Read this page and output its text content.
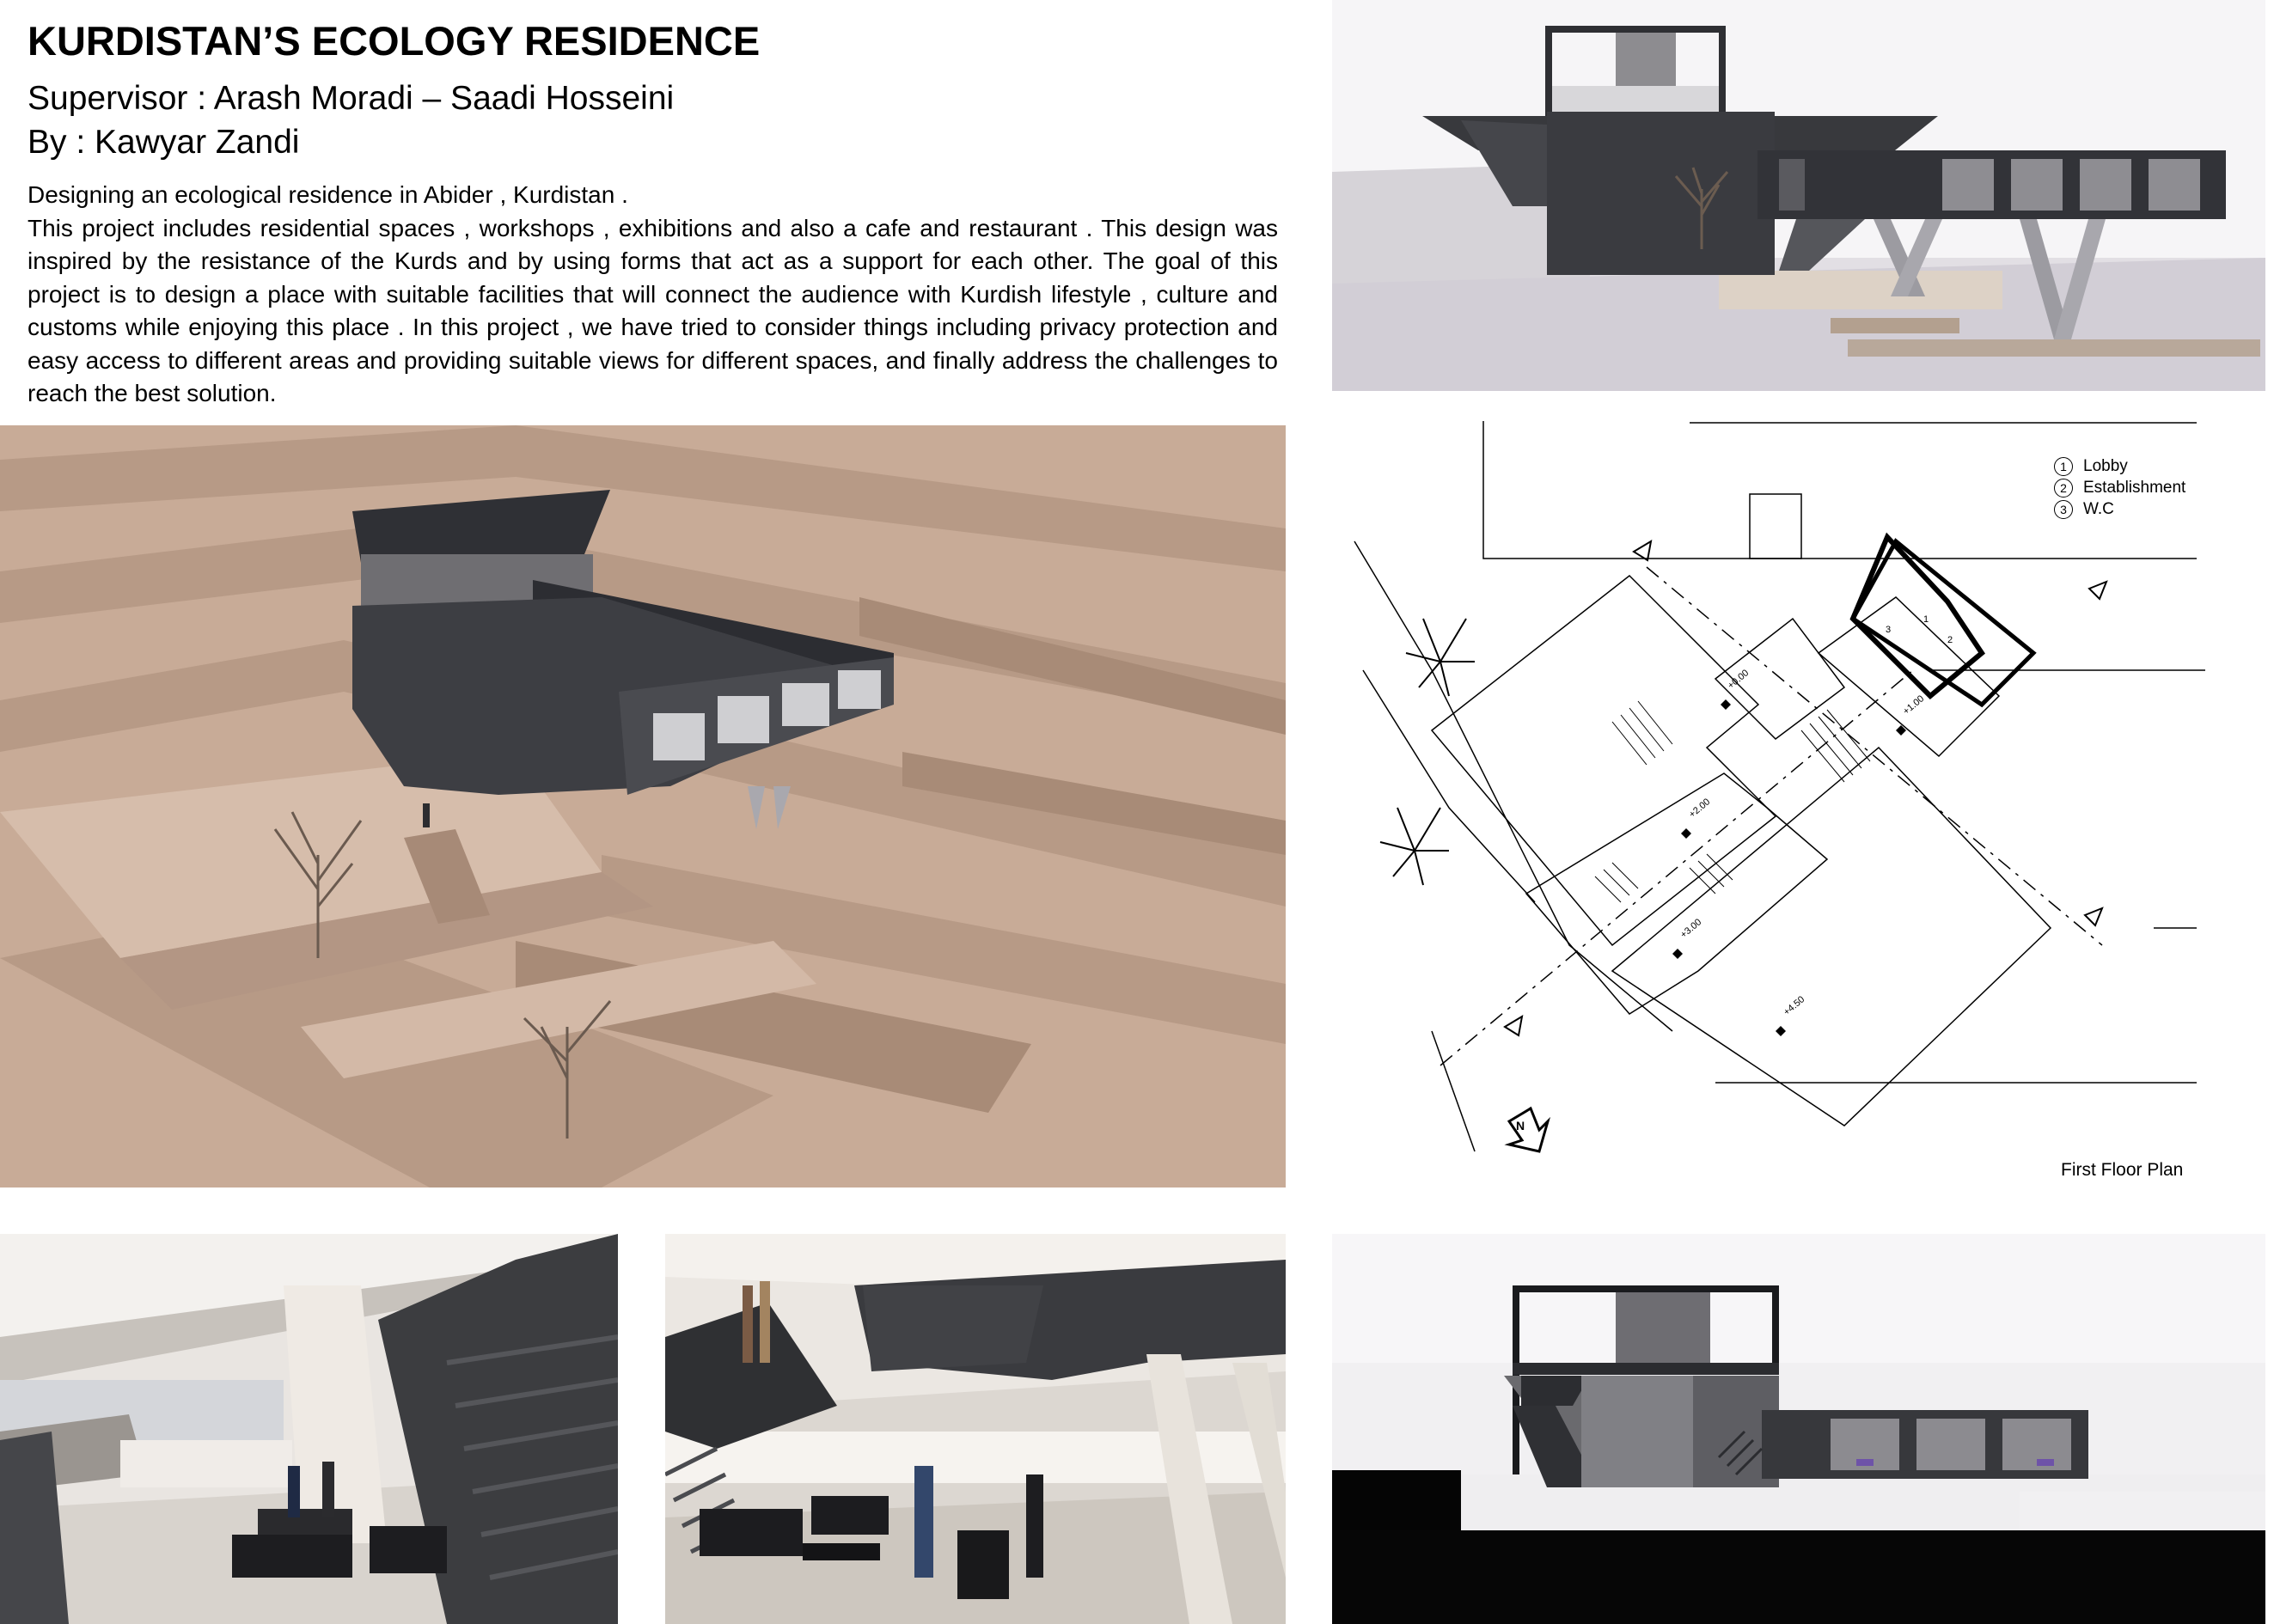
KURDISTAN’S ECOLOGY RESIDENCE
Supervisor : Arash Moradi – Saadi Hosseini
By : Kawyar Zandi

Designing an ecological residence in Abider , Kurdistan .

This project includes residential spaces , workshops , exhibitions and also a cafe and restaurant . This design was inspired by the resistance of the Kurds and by using forms that act as a support for each other. The goal of this project is to design a place with suitable facilities that will connect the audience with Kurdish lifestyle , culture and customs while enjoying this place . In this project , we have tried to consider things including privacy protection and easy access to different areas and providing suitable views for different spaces, and finally address the challenges to reach the best solution.

+0.00
+2.00
+3.00
+4.50
+1.00
1
2
3
N
1	Lobby
2	Establishment
3	W.C
First Floor Plan
